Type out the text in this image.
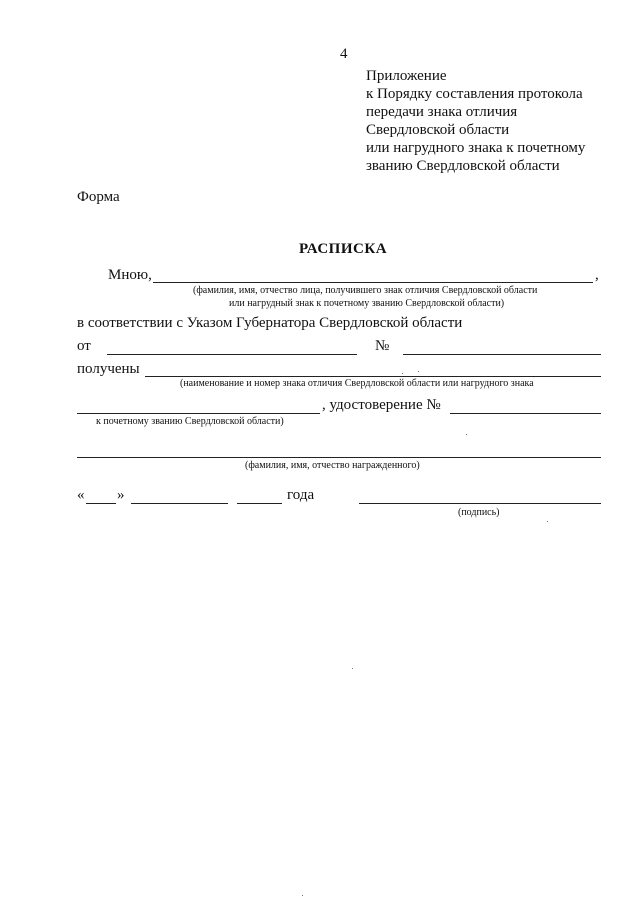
4
Приложение
к Порядку составления протокола
передачи знака отличия
Свердловской области
или нагрудного знака к почетному
званию Свердловской области
Форма
РАСПИСКА
Мною,	,
(фамилия, имя, отчество лица, получившего знак отличия Свердловской области
или нагрудный знак к почетному званию Свердловской области)
в соответствии с Указом Губернатора Свердловской области
от	№
получены
(наименование и номер знака отличия Свердловской области или нагрудного знака
, удостоверение №
к почетному званию Свердловской области)
(фамилия, имя, отчество награжденного)
« »	года
(подпись)
